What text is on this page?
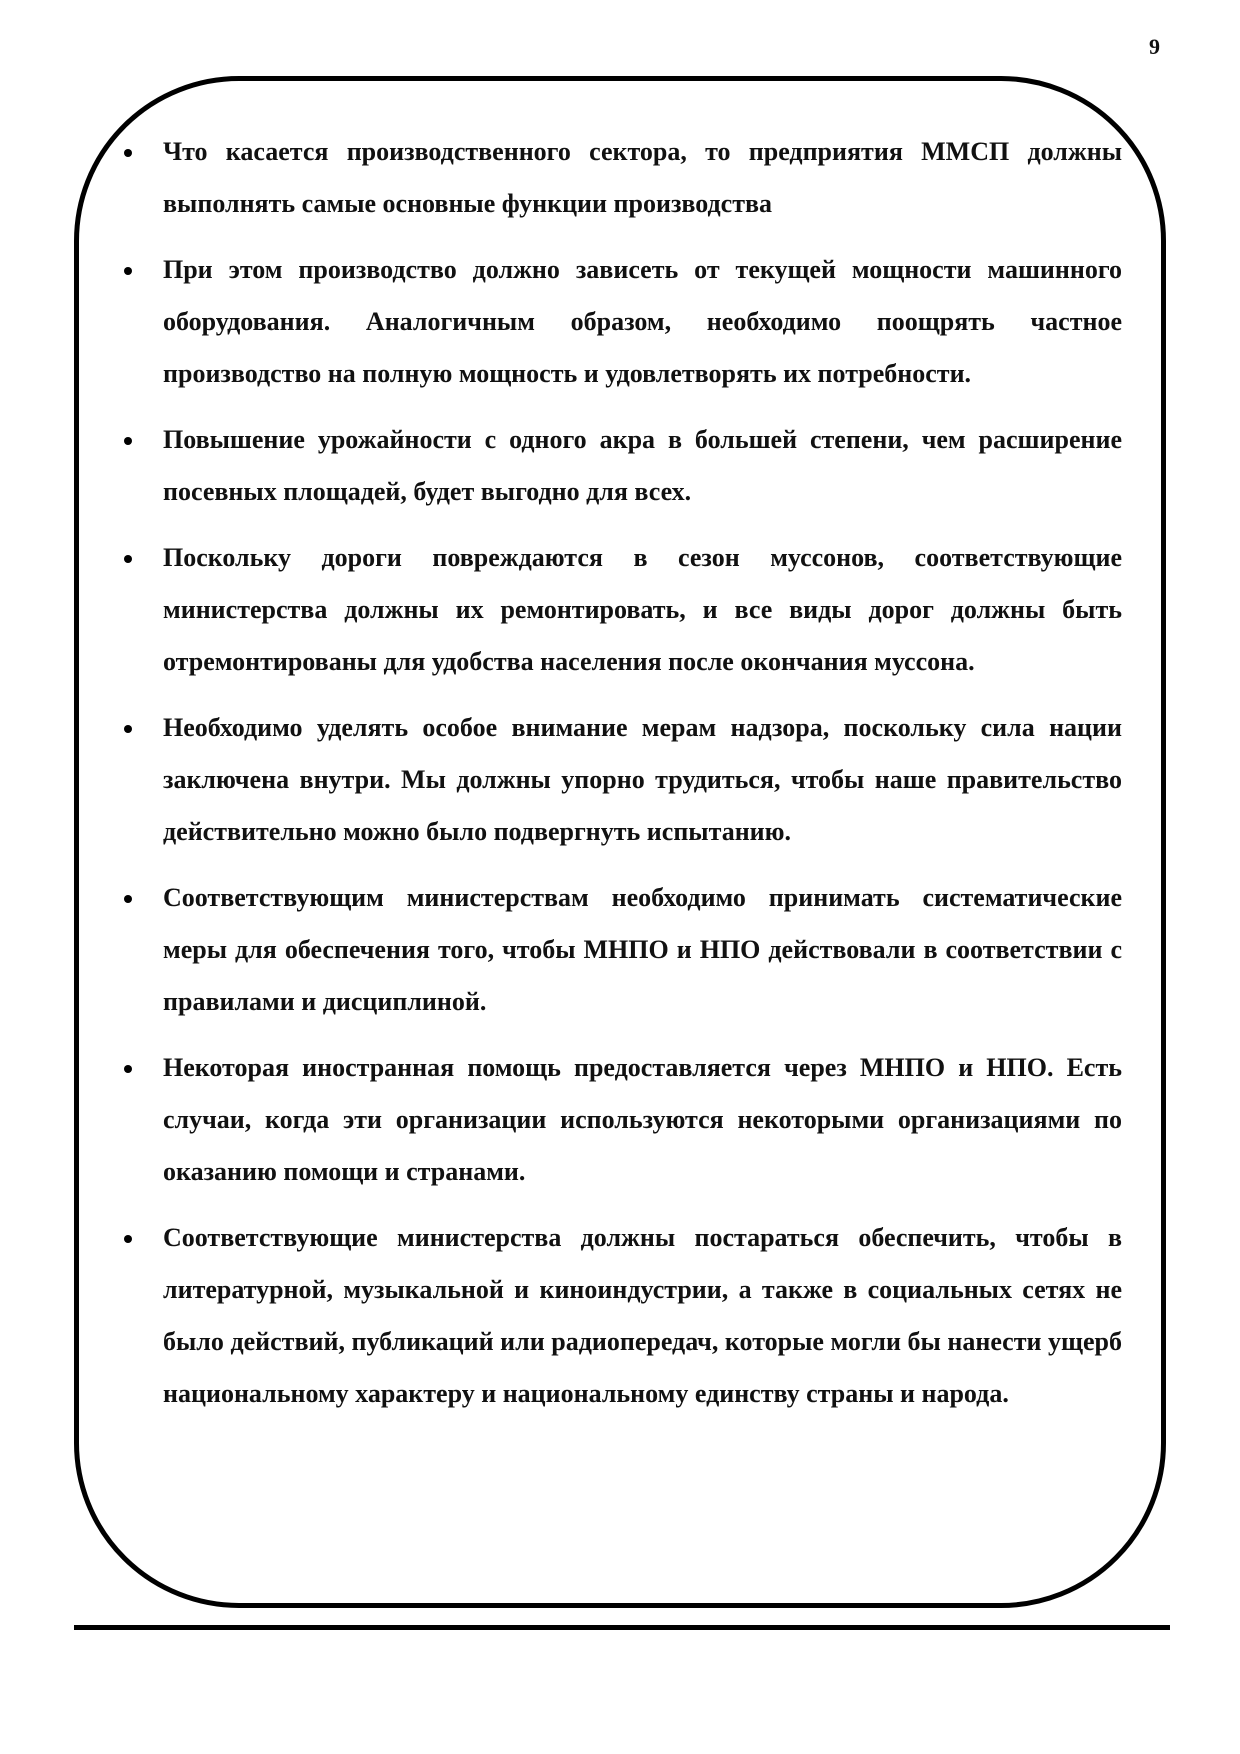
9
Что касается производственного сектора, то предприятия ММСП должны выполнять самые основные функции производства
При этом производство должно зависеть от текущей мощности машинного оборудования. Аналогичным образом, необходимо поощрять частное производство на полную мощность и удовлетворять их потребности.
Повышение урожайности с одного акра в большей степени, чем расширение посевных площадей, будет выгодно для всех.
Поскольку дороги повреждаются в сезон муссонов, соответствующие министерства должны их ремонтировать, и все виды дорог должны быть отремонтированы для удобства населения после окончания муссона.
Необходимо уделять особое внимание мерам надзора, поскольку сила нации заключена внутри. Мы должны упорно трудиться, чтобы наше правительство действительно можно было подвергнуть испытанию.
Соответствующим министерствам необходимо принимать систематические меры для обеспечения того, чтобы МНПО и НПО действовали в соответствии с правилами и дисциплиной.
Некоторая иностранная помощь предоставляется через МНПО и НПО. Есть случаи, когда эти организации используются некоторыми организациями по оказанию помощи и странами.
Соответствующие министерства должны постараться обеспечить, чтобы в литературной, музыкальной и киноиндустрии, а также в социальных сетях не было действий, публикаций или радиопередач, которые могли бы нанести ущерб национальному характеру и национальному единству страны и народа.
